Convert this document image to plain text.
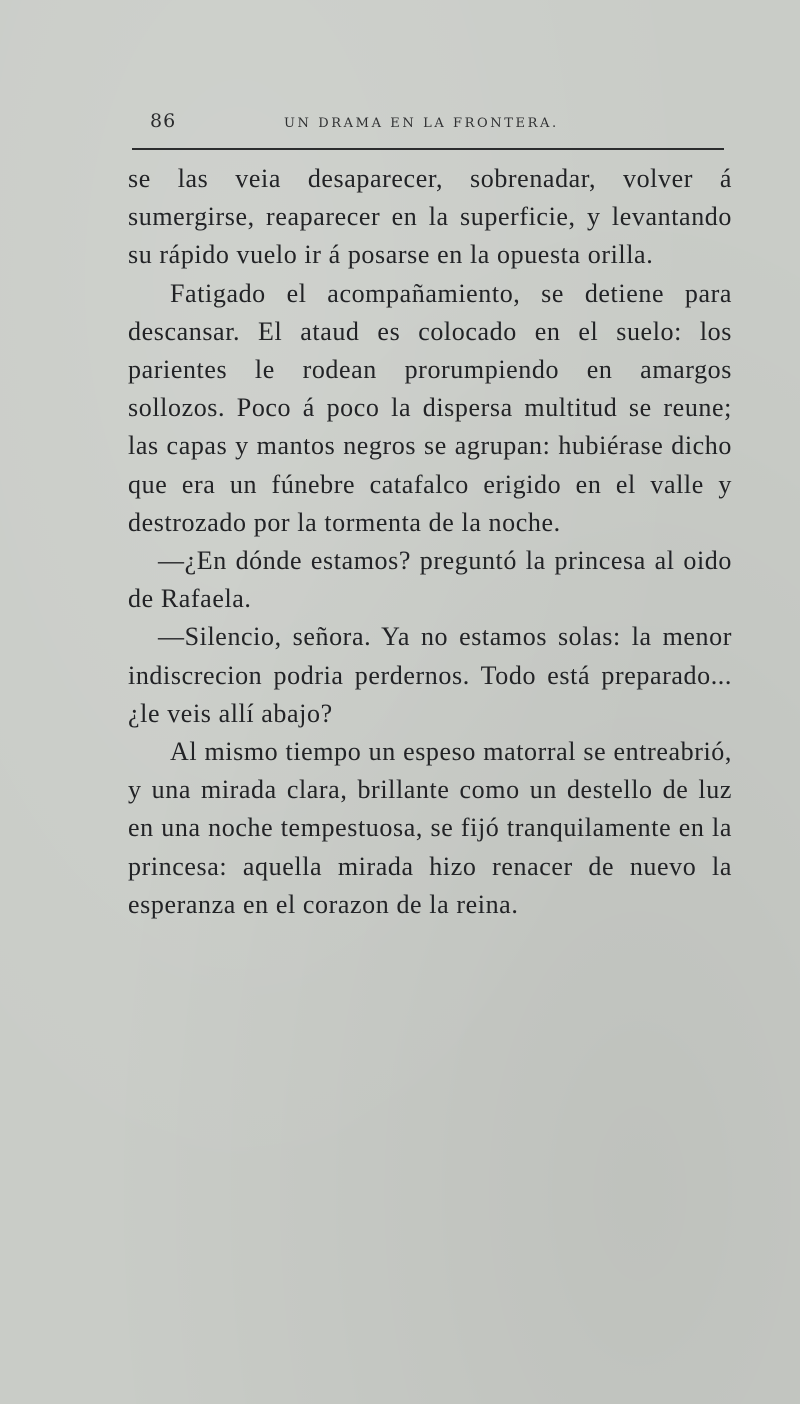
86	UN DRAMA EN LA FRONTERA.

se las veia desaparecer, sobrenadar, volver á sumergirse, reaparecer en la superficie, y levantando su rápido vuelo ir á posarse en la opuesta orilla.

Fatigado el acompañamiento, se detiene para descansar. El ataud es colocado en el suelo: los parientes le rodean prorumpiendo en amargos sollozos. Poco á poco la dispersa multitud se reune; las capas y mantos negros se agrupan: hubiérase dicho que era un fúnebre catafalco erigido en el valle y destrozado por la tormenta de la noche.

—¿En dónde estamos? preguntó la princesa al oido de Rafaela.

—Silencio, señora. Ya no estamos solas: la menor indiscrecion podria perdernos. Todo está preparado... ¿le veis allí abajo?

Al mismo tiempo un espeso matorral se entreabrió, y una mirada clara, brillante como un destello de luz en una noche tempestuosa, se fijó tranquilamente en la princesa: aquella mirada hizo renacer de nuevo la esperanza en el corazon de la reina.
